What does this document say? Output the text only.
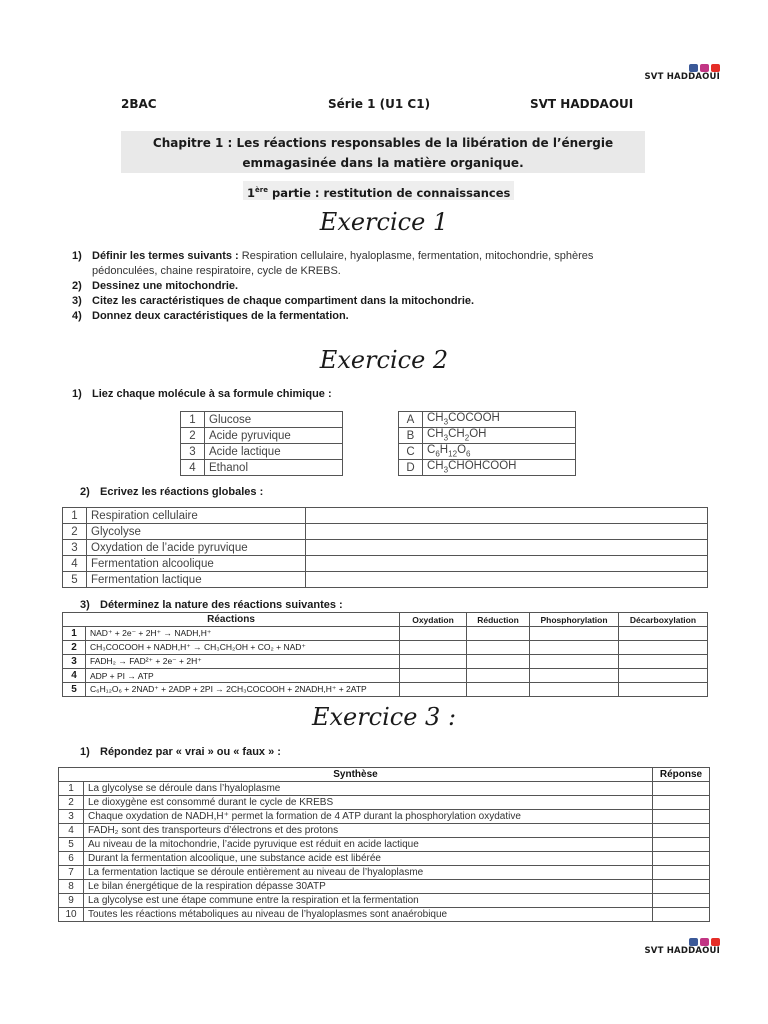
SVT HADDAOUI
2BAC	Série 1 (U1 C1)	SVT HADDAOUI
Chapitre 1 : Les réactions responsables de la libération de l’énergie
emmagasinée dans la matière organique.
1ère partie : restitution de connaissances
Exercice 1
1) Définir les termes suivants : Respiration cellulaire, hyaloplasme, fermentation, mitochondrie, sphères
pédonculées, chaine respiratoire, cycle de KREBS.
2) Dessinez une mitochondrie.
3) Citez les caractéristiques de chaque compartiment dans la mitochondrie.
4) Donnez deux caractéristiques de la fermentation.
Exercice 2
1) Liez chaque molécule à sa formule chimique :
1	Glucose
2	Acide pyruvique
3	Acide lactique
4	Ethanol
A	$CH_3COCOOH$
B	$CH_3CH_2OH$
C	$C_6H_{12}O_6$
D	$CH_3CHOHCOOH$
2) Ecrivez les réactions globales :
1	Respiration cellulaire	
2	Glycolyse	
3	Oxydation de l’acide pyruvique	
4	Fermentation alcoolique	
5	Fermentation lactique	
3) Déterminez la nature des réactions suivantes :
Réactions		Oxydation	Réduction	Phosphorylation	Décarboxylation
1	NAD⁺ + 2e⁻ + 2H⁺ → NADH,H⁺				
2	CH₃COCOOH + NADH,H⁺ → CH₃CH₂OH + CO₂ + NAD⁺				
3	FADH₂ → FAD²⁺ + 2e⁻ + 2H⁺				
4	ADP + PI → ATP				
5	C₆H₁₂O₆ + 2NAD⁺ + 2ADP + 2PI → 2CH₃COCOOH + 2NADH,H⁺ + 2ATP				
Exercice 3 :
1) Répondez par « vrai » ou « faux » :
Synthèse		Réponse
1	La glycolyse se déroule dans l’hyaloplasme	
2	Le dioxygène est consommé durant le cycle de KREBS	
3	Chaque oxydation de NADH,H⁺ permet la formation de 4 ATP durant la phosphorylation oxydative	
4	FADH₂ sont des transporteurs d’électrons et des protons	
5	Au niveau de la mitochondrie, l’acide pyruvique est réduit en acide lactique	
6	Durant la fermentation alcoolique, une substance acide est libérée	
7	La fermentation lactique se déroule entièrement au niveau de l’hyaloplasme	
8	Le bilan énergétique de la respiration dépasse 30ATP	
9	La glycolyse est une étape commune entre la respiration et la fermentation	
10	Toutes les réactions métaboliques au niveau de l’hyaloplasmes sont anaérobique	
SVT HADDAOUI
